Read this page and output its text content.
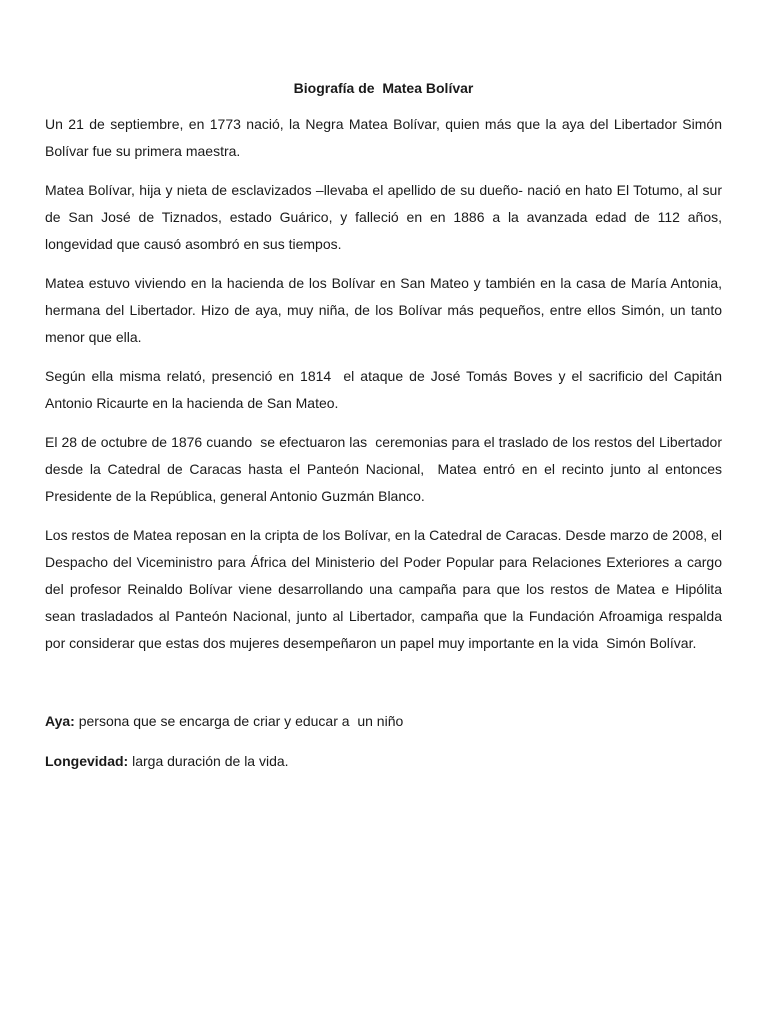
Biografía de  Matea Bolívar

Un 21 de septiembre, en 1773 nació, la Negra Matea Bolívar, quien más que la aya del Libertador Simón Bolívar fue su primera maestra.

Matea Bolívar, hija y nieta de esclavizados –llevaba el apellido de su dueño- nació en hato El Totumo, al sur de San José de Tiznados, estado Guárico, y falleció en en 1886 a la avanzada edad de 112 años, longevidad que causó asombró en sus tiempos.

Matea estuvo viviendo en la hacienda de los Bolívar en San Mateo y también en la casa de María Antonia, hermana del Libertador. Hizo de aya, muy niña, de los Bolívar más pequeños, entre ellos Simón, un tanto menor que ella.

Según ella misma relató, presenció en 1814  el ataque de José Tomás Boves y el sacrificio del Capitán Antonio Ricaurte en la hacienda de San Mateo.

El 28 de octubre de 1876 cuando  se efectuaron las  ceremonias para el traslado de los restos del Libertador desde la Catedral de Caracas hasta el Panteón Nacional,  Matea entró en el recinto junto al entonces Presidente de la República, general Antonio Guzmán Blanco.

Los restos de Matea reposan en la cripta de los Bolívar, en la Catedral de Caracas. Desde marzo de 2008, el Despacho del Viceministro para África del Ministerio del Poder Popular para Relaciones Exteriores a cargo del profesor Reinaldo Bolívar viene desarrollando una campaña para que los restos de Matea e Hipólita sean trasladados al Panteón Nacional, junto al Libertador, campaña que la Fundación Afroamiga respalda por considerar que estas dos mujeres desempeñaron un papel muy importante en la vida  Simón Bolívar.

Aya: persona que se encarga de criar y educar a  un niño

Longevidad: larga duración de la vida.
